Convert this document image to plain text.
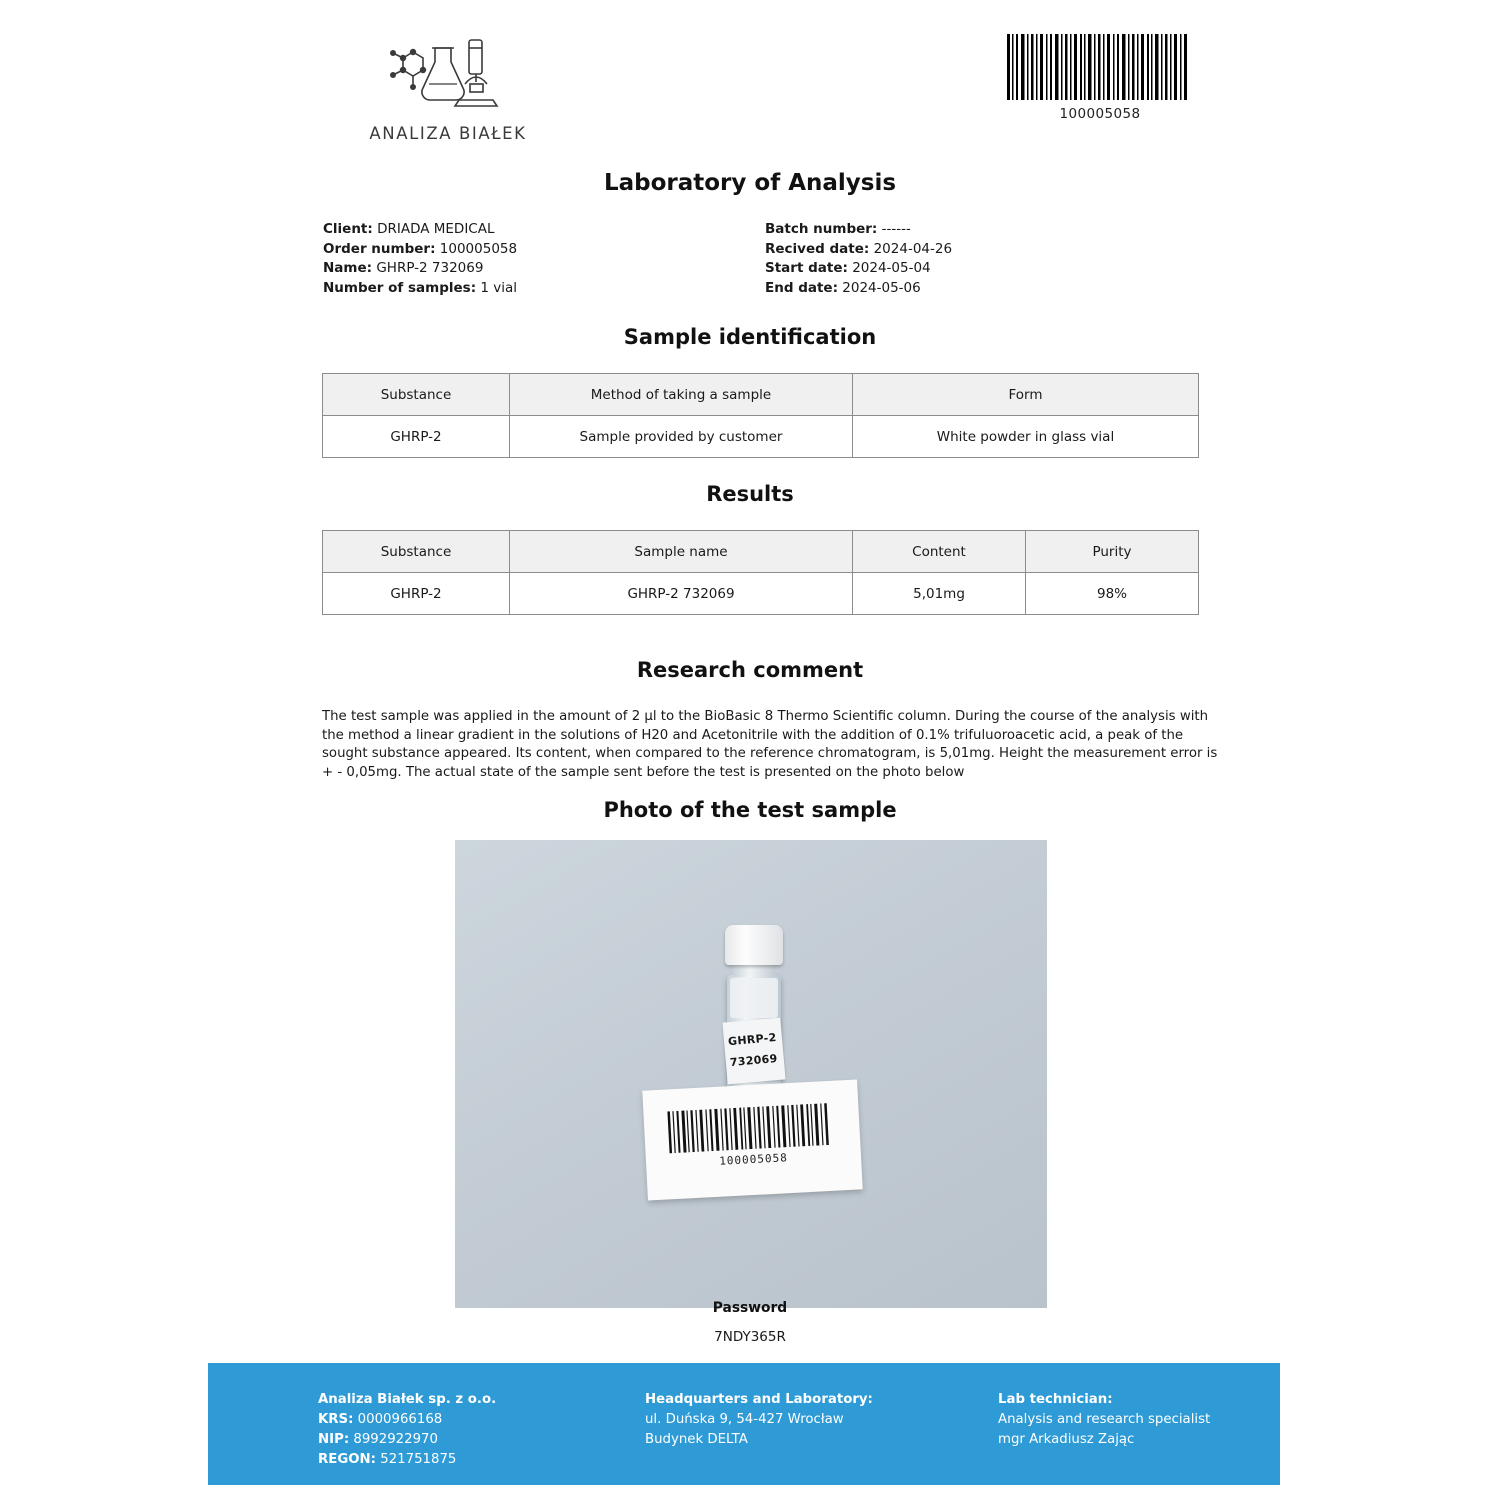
ANALIZA BIAŁEK
100005058
Laboratory of Analysis
Client: DRIADA MEDICAL
Order number: 100005058
Name: GHRP-2 732069
Number of samples: 1 vial
Batch number: ------
Recived date: 2024-04-26
Start date: 2024-05-04
End date: 2024-05-06
Sample identification
Substance	Method of taking a sample	Form
GHRP-2	Sample provided by customer	White powder in glass vial
Results
Substance	Sample name	Content	Purity
GHRP-2	GHRP-2 732069	5,01mg	98%
Research comment
The test sample was applied in the amount of 2 µl to the BioBasic 8 Thermo Scientific column. During the course of the analysis with the method a linear gradient in the solutions of H20 and Acetonitrile with the addition of 0.1% trifuluoroacetic acid, a peak of the sought substance appeared. Its content, when compared to the reference chromatogram, is 5,01mg. Height the measurement error is + - 0,05mg. The actual state of the sample sent before the test is presented on the photo below
Photo of the test sample
GHRP-2
732069
100005058
Password
7NDY365R
Analiza Białek sp. z o.o.
KRS: 0000966168
NIP: 8992922970
REGON: 521751875
Headquarters and Laboratory:
ul. Duńska 9, 54-427 Wrocław
Budynek DELTA
Lab technician:
Analysis and research specialist
mgr Arkadiusz Zając
